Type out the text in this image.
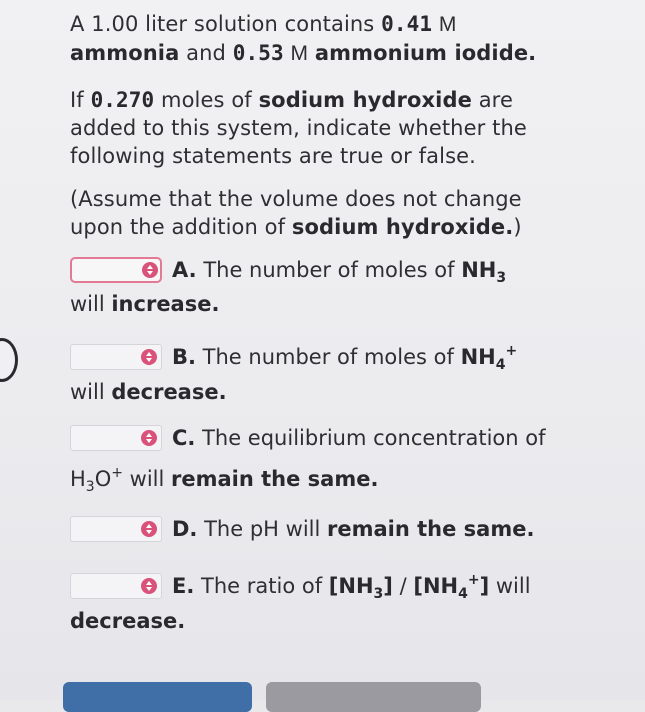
A 1.00 liter solution contains 0.41 M
ammonia and 0.53 M ammonium iodide.
If 0.270 moles of sodium hydroxide are
added to this system, indicate whether the
following statements are true or false.
(Assume that the volume does not change
upon the addition of sodium hydroxide.)
A. The number of moles of $NH_3$
will increase.
B. The number of moles of $NH_4^+$
will decrease.
C. The equilibrium concentration of
$H_3O^+$ will remain the same.
D. The pH will remain the same.
E. The ratio of $[NH_3] / [NH_4^+]$ will
decrease.
